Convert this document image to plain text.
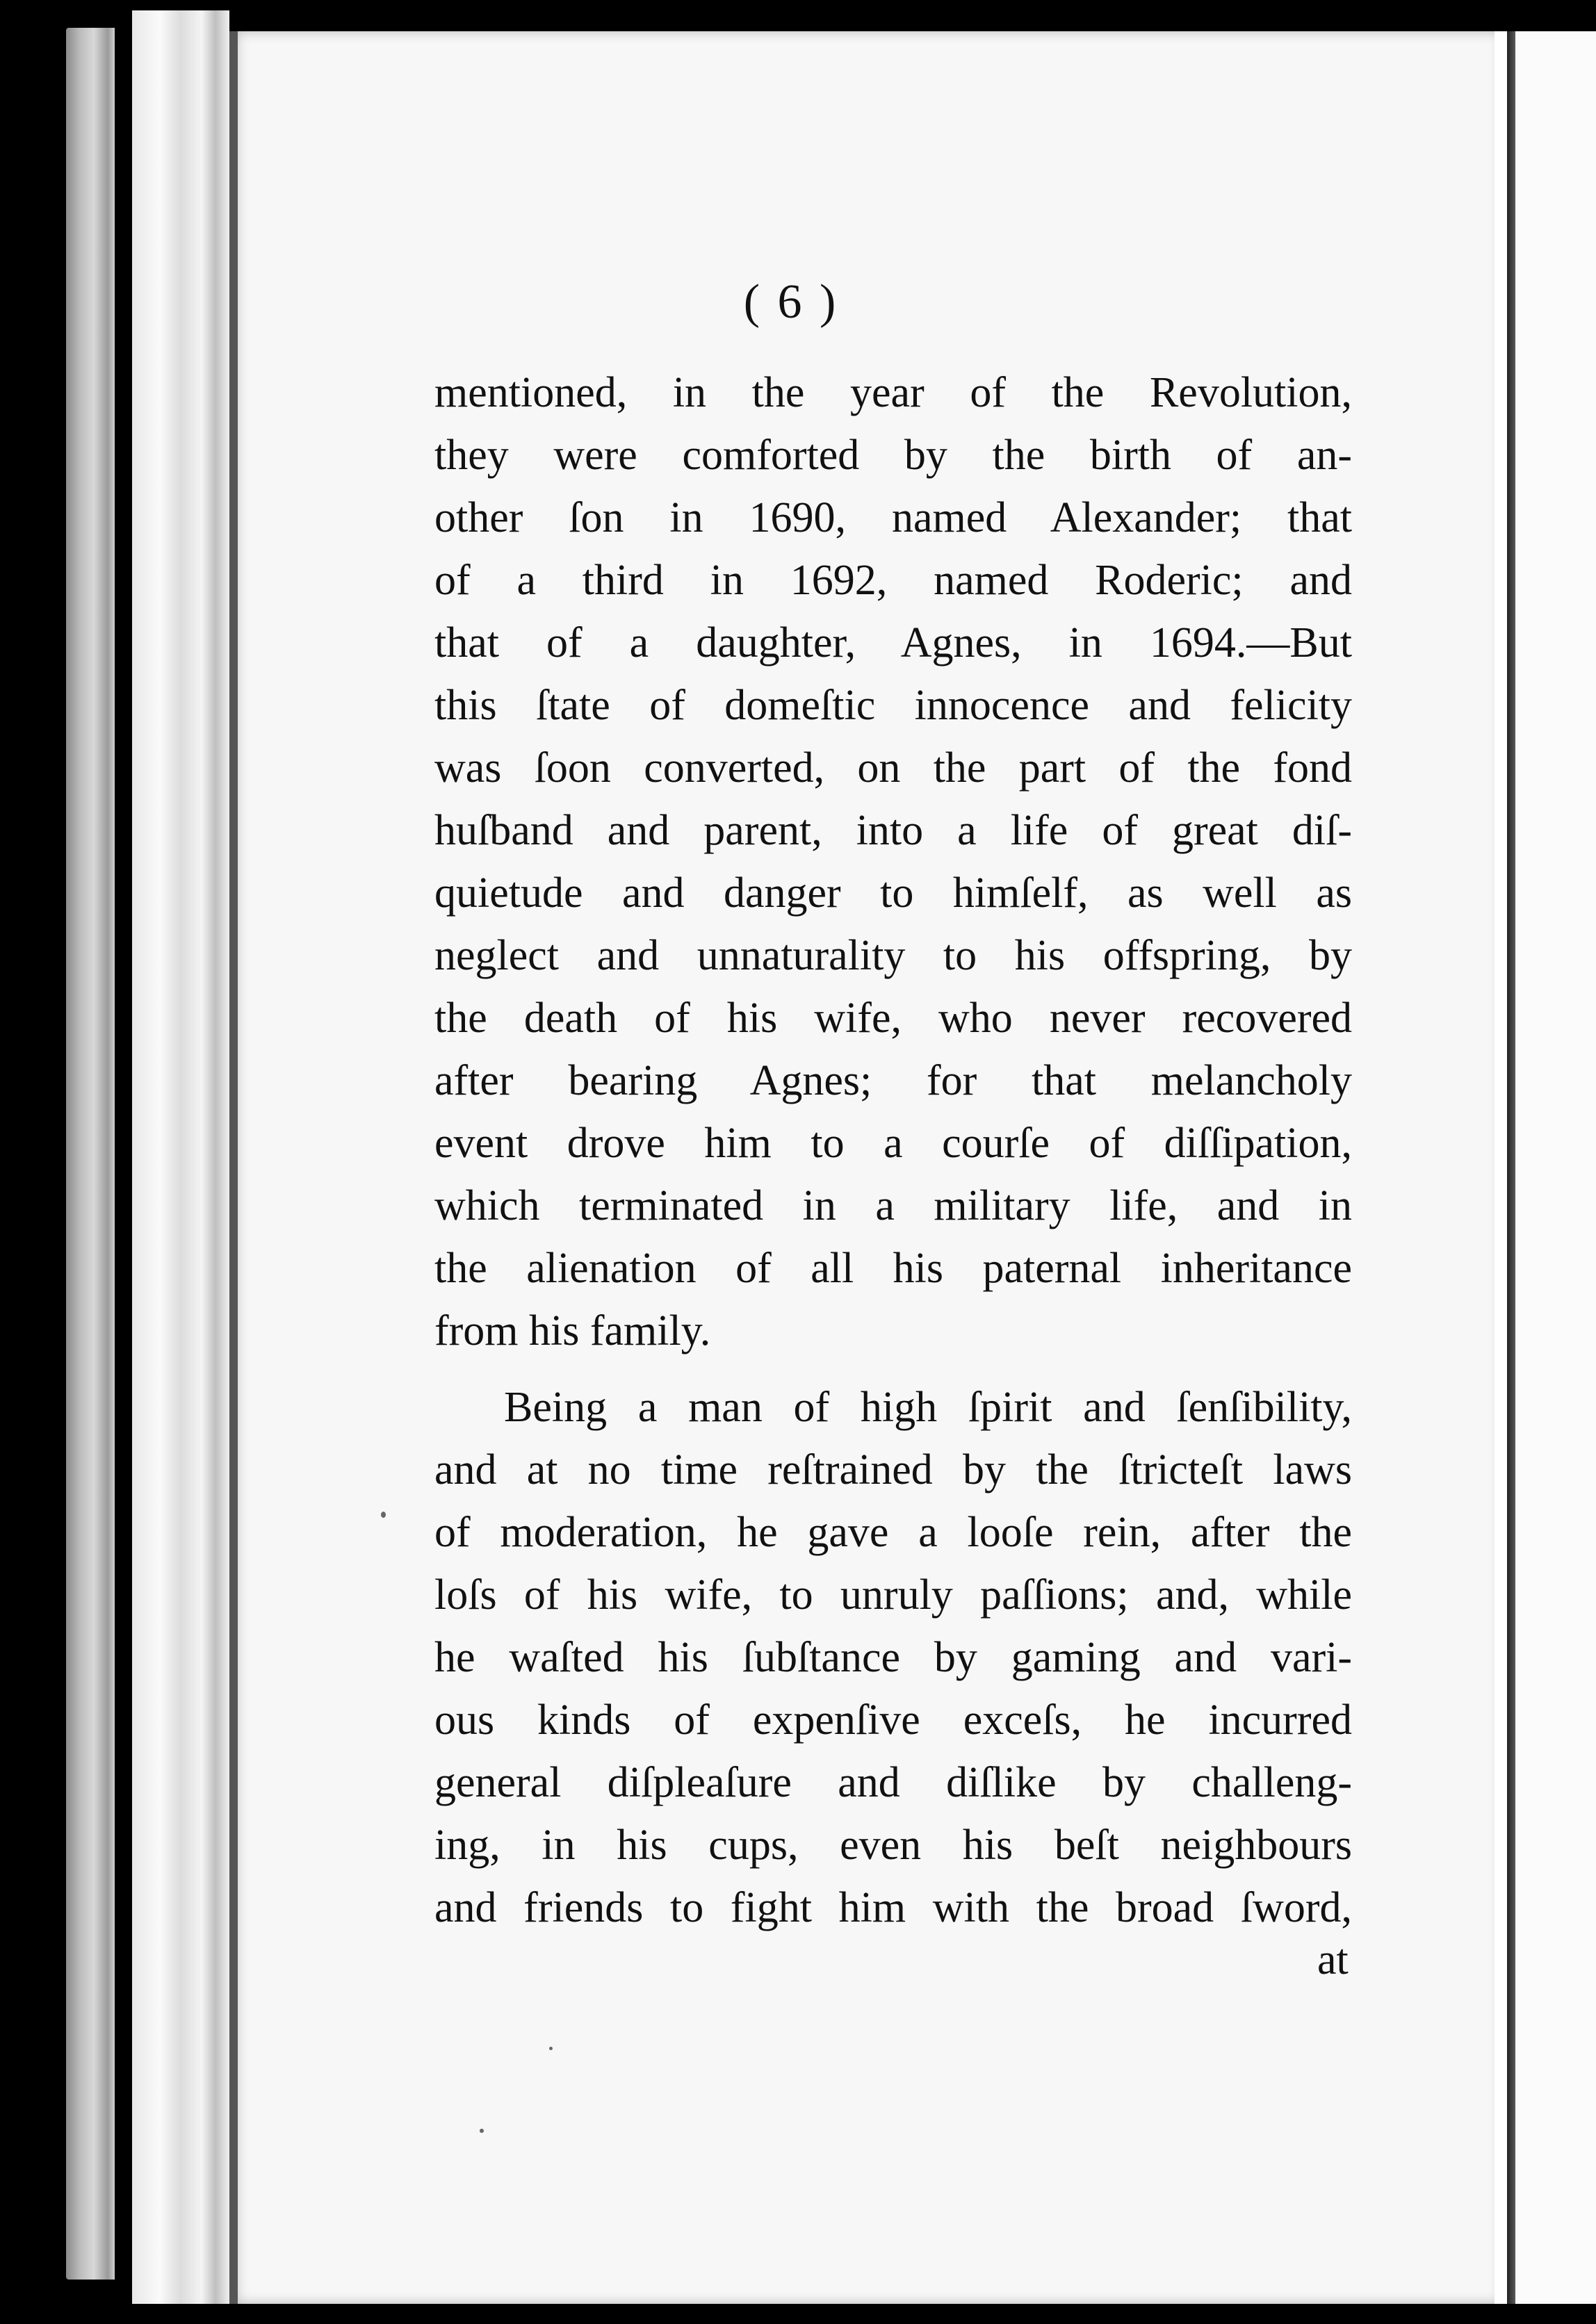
( 6 )
mentioned, in the year of the Revolution,
they were comforted by the birth of an-
other ſon in 1690, named Alexander; that
of a third in 1692, named Roderic; and
that of a daughter, Agnes, in 1694.—But
this ſtate of domeſtic innocence and felicity
was ſoon converted, on the part of the fond
huſband and parent, into a life of great diſ-
quietude and danger to himſelf, as well as
neglect and unnaturality to his offspring, by
the death of his wife, who never recovered
after bearing Agnes; for that melancholy
event drove him to a courſe of diſſipation,
which terminated in a military life, and in
the alienation of all his paternal inheritance
from his family.
Being a man of high ſpirit and ſenſibility,
and at no time reſtrained by the ſtricteſt laws
of moderation, he gave a looſe rein, after the
loſs of his wife, to unruly paſſions; and, while
he waſted his ſubſtance by gaming and vari-
ous kinds of expenſive exceſs, he incurred
general diſpleaſure and diſlike by challeng-
ing, in his cups, even his beſt neighbours
and friends to fight him with the broad ſword,
at
